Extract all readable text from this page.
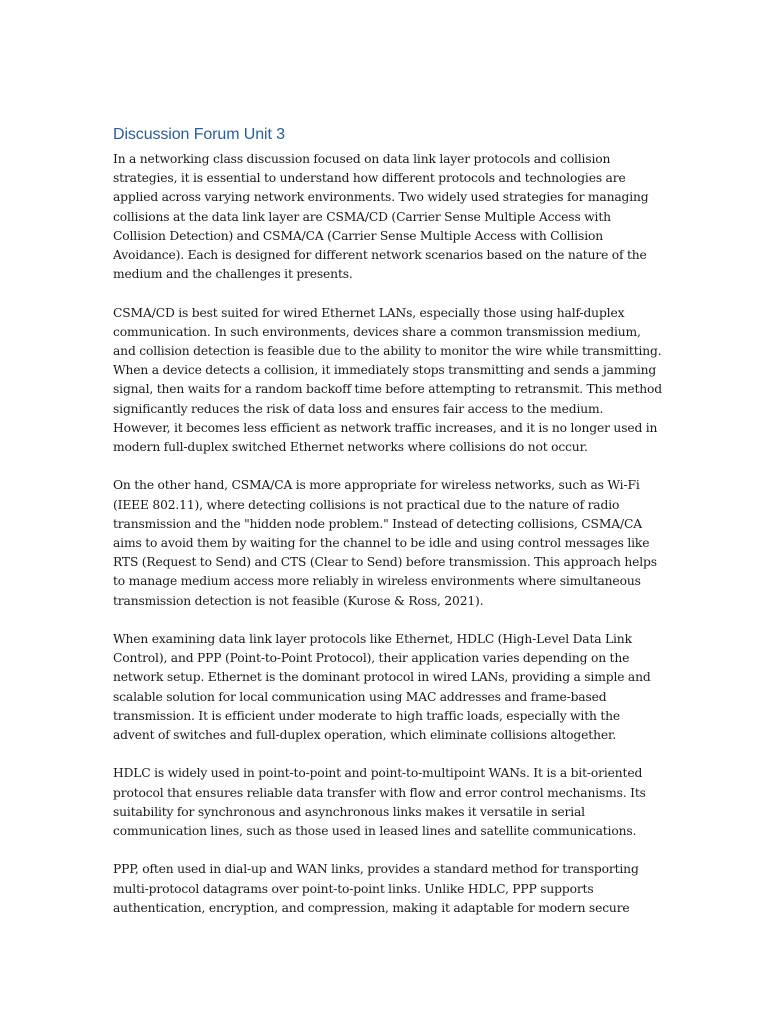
Discussion Forum Unit 3

In a networking class discussion focused on data link layer protocols and collision strategies, it is essential to understand how different protocols and technologies are applied across varying network environments. Two widely used strategies for managing collisions at the data link layer are CSMA/CD (Carrier Sense Multiple Access with Collision Detection) and CSMA/CA (Carrier Sense Multiple Access with Collision Avoidance). Each is designed for different network scenarios based on the nature of the medium and the challenges it presents.

CSMA/CD is best suited for wired Ethernet LANs, especially those using half-duplex communication. In such environments, devices share a common transmission medium, and collision detection is feasible due to the ability to monitor the wire while transmitting. When a device detects a collision, it immediately stops transmitting and sends a jamming signal, then waits for a random backoff time before attempting to retransmit. This method significantly reduces the risk of data loss and ensures fair access to the medium. However, it becomes less efficient as network traffic increases, and it is no longer used in modern full-duplex switched Ethernet networks where collisions do not occur.

On the other hand, CSMA/CA is more appropriate for wireless networks, such as Wi-Fi (IEEE 802.11), where detecting collisions is not practical due to the nature of radio transmission and the "hidden node problem." Instead of detecting collisions, CSMA/CA aims to avoid them by waiting for the channel to be idle and using control messages like RTS (Request to Send) and CTS (Clear to Send) before transmission. This approach helps to manage medium access more reliably in wireless environments where simultaneous transmission detection is not feasible (Kurose & Ross, 2021).

When examining data link layer protocols like Ethernet, HDLC (High-Level Data Link Control), and PPP (Point-to-Point Protocol), their application varies depending on the network setup. Ethernet is the dominant protocol in wired LANs, providing a simple and scalable solution for local communication using MAC addresses and frame-based transmission. It is efficient under moderate to high traffic loads, especially with the advent of switches and full-duplex operation, which eliminate collisions altogether.

HDLC is widely used in point-to-point and point-to-multipoint WANs. It is a bit-oriented protocol that ensures reliable data transfer with flow and error control mechanisms. Its suitability for synchronous and asynchronous links makes it versatile in serial communication lines, such as those used in leased lines and satellite communications.

PPP, often used in dial-up and WAN links, provides a standard method for transporting multi-protocol datagrams over point-to-point links. Unlike HDLC, PPP supports authentication, encryption, and compression, making it adaptable for modern secure
